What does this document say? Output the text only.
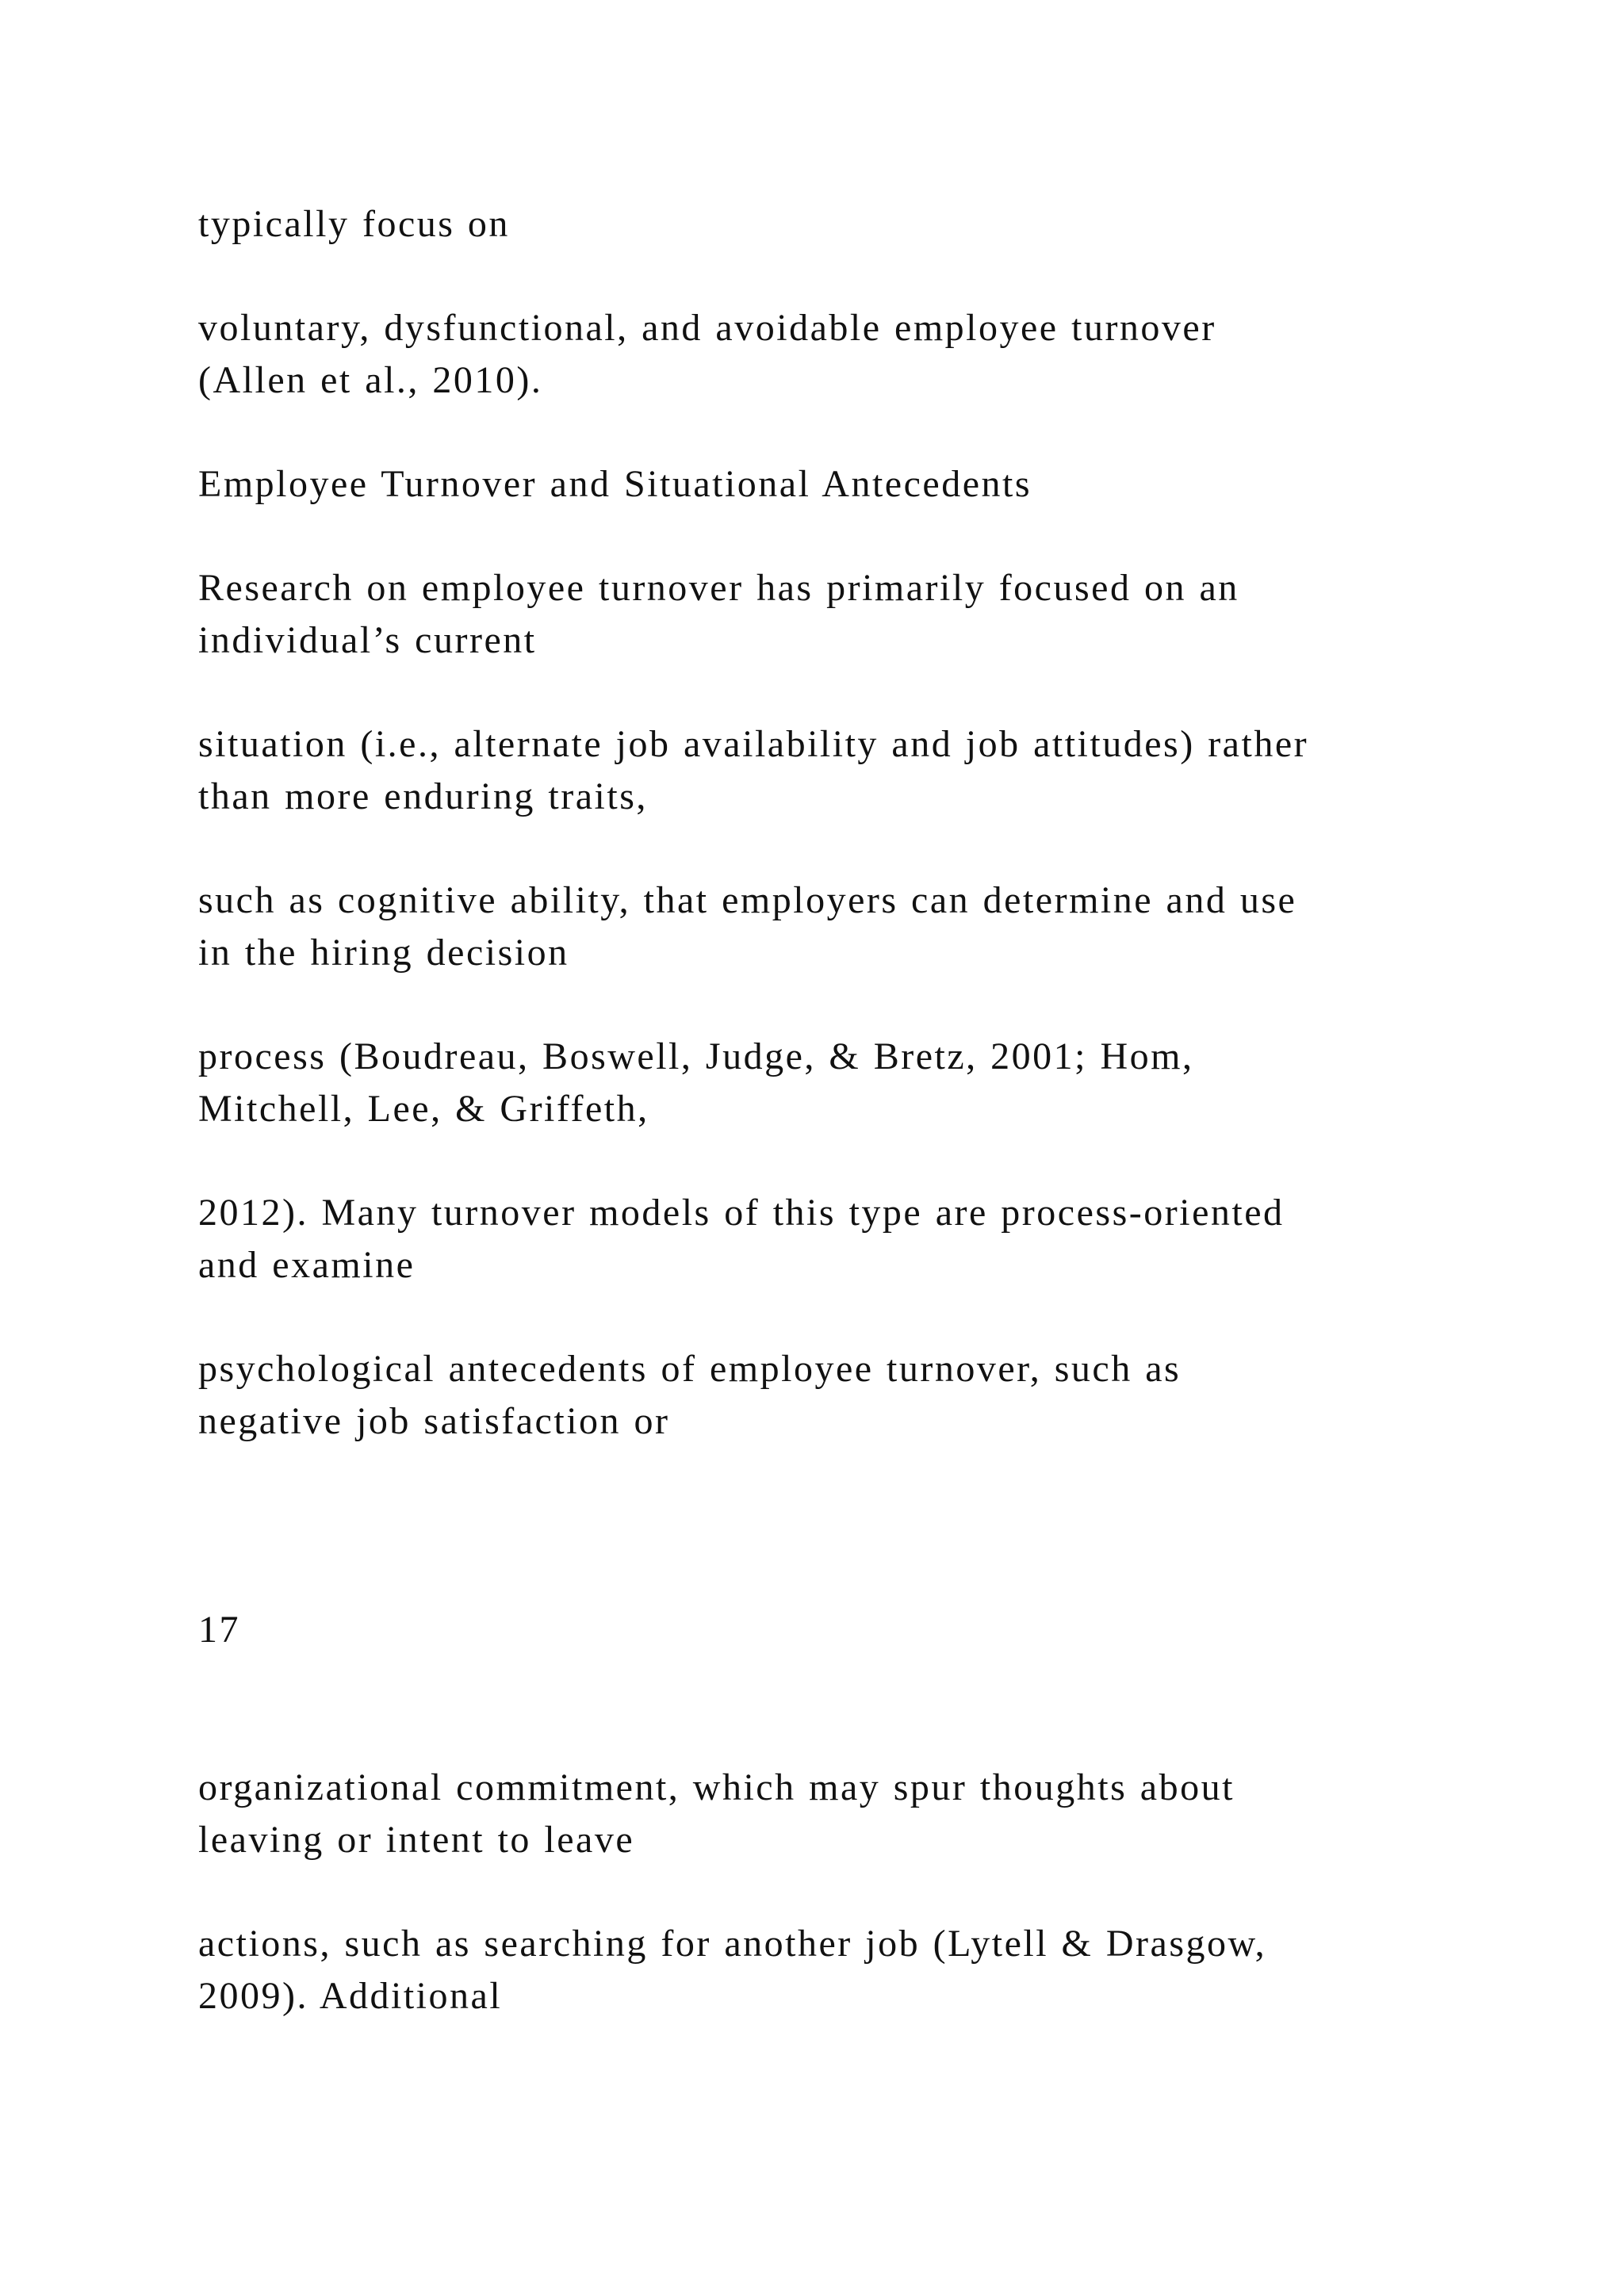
typically focus on

voluntary, dysfunctional, and avoidable employee turnover

(Allen et al., 2010).

Employee Turnover and Situational Antecedents

Research on employee turnover has primarily focused on an

individual’s current

situation (i.e., alternate job availability and job attitudes) rather

than more enduring traits,

such as cognitive ability, that employers can determine and use

in the hiring decision

process (Boudreau, Boswell, Judge, & Bretz, 2001; Hom,

Mitchell, Lee, & Griffeth,

2012). Many turnover models of this type are process-oriented

and examine

psychological antecedents of employee turnover, such as

negative job satisfaction or

17

organizational commitment, which may spur thoughts about

leaving or intent to leave

actions, such as searching for another job (Lytell & Drasgow,

2009). Additional
